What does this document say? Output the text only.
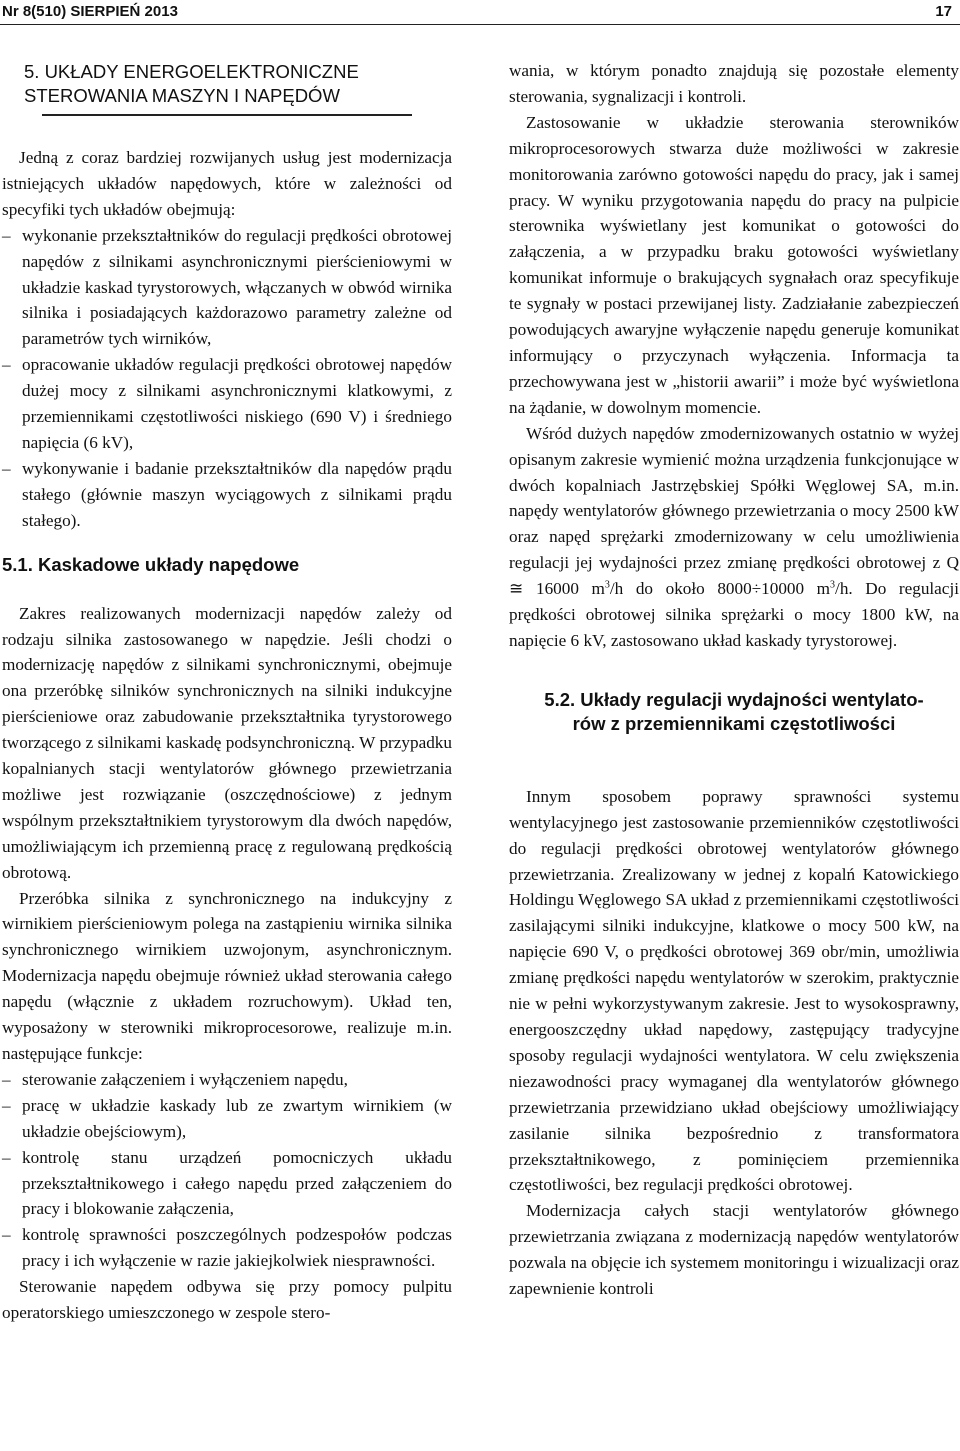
Nr 8(510) SIERPIEŃ 2013	17
5. UKŁADY ENERGOELEKTRONICZNE
STEROWANIA MASZYN I NAPĘDÓW

Jedną z coraz bardziej rozwijanych usług jest modernizacja istniejących układów napędowych, które w zależności od specyfiki tych układów obejmują:

– wykonanie przekształtników do regulacji prędkości obrotowej napędów z silnikami asynchronicznymi pierścieniowymi w układzie kaskad tyrystorowych, włączanych w obwód wirnika silnika i posiadających każdorazowo parametry zależne od parametrów tych wirników,
– opracowanie układów regulacji prędkości obrotowej napędów dużej mocy z silnikami asynchronicznymi klatkowymi, z przemiennikami częstotliwości niskiego (690 V) i średniego napięcia (6 kV),
– wykonywanie i badanie przekształtników dla napędów prądu stałego (głównie maszyn wyciągowych z silnikami prądu stałego).
5.1. Kaskadowe układy napędowe

Zakres realizowanych modernizacji napędów zależy od rodzaju silnika zastosowanego w napędzie. Jeśli chodzi o modernizację napędów z silnikami synchronicznymi, obejmuje ona przeróbkę silników synchronicznych na silniki indukcyjne pierścieniowe oraz zabudowanie przekształtnika tyrystorowego tworzącego z silnikami kaskadę podsynchroniczną. W przypadku kopalnianych stacji wentylatorów głównego przewietrzania możliwe jest rozwiązanie (oszczędnościowe) z jednym wspólnym przekształtnikiem tyrystorowym dla dwóch napędów, umożliwiającym ich przemienną pracę z regulowaną prędkością obrotową.

Przeróbka silnika z synchronicznego na indukcyjny z wirnikiem pierścieniowym polega na zastąpieniu wirnika silnika synchronicznego wirnikiem uzwojonym, asynchronicznym. Modernizacja napędu obejmuje również układ sterowania całego napędu (włącznie z układem rozruchowym). Układ ten, wyposażony w sterowniki mikroprocesorowe, realizuje m.in. następujące funkcje:

– sterowanie załączeniem i wyłączeniem napędu,
– pracę w układzie kaskady lub ze zwartym wirnikiem (w układzie obejściowym),
– kontrolę stanu urządzeń pomocniczych układu przekształtnikowego i całego napędu przed załączeniem do pracy i blokowanie załączenia,
– kontrolę sprawności poszczególnych podzespołów podczas pracy i ich wyłączenie w razie jakiejkolwiek niesprawności.

Sterowanie napędem odbywa się przy pomocy pulpitu operatorskiego umieszczonego w zespole stero-

wania, w którym ponadto znajdują się pozostałe elementy sterowania, sygnalizacji i kontroli.

Zastosowanie w układzie sterowania sterowników mikroprocesorowych stwarza duże możliwości w zakresie monitorowania zarówno gotowości napędu do pracy, jak i samej pracy. W wyniku przygotowania napędu do pracy na pulpicie sterownika wyświetlany jest komunikat o gotowości do załączenia, a w przypadku braku gotowości wyświetlany komunikat informuje o brakujących sygnałach oraz specyfikuje te sygnały w postaci przewijanej listy. Zadziałanie zabezpieczeń powodujących awaryjne wyłączenie napędu generuje komunikat informujący o przyczynach wyłączenia. Informacja ta przechowywana jest w „historii awarii” i może być wyświetlona na żądanie, w dowolnym momencie.

Wśród dużych napędów zmodernizowanych ostatnio w wyżej opisanym zakresie wymienić można urządzenia funkcjonujące w dwóch kopalniach Jastrzębskiej Spółki Węglowej SA, m.in. napędy wentylatorów głównego przewietrzania o mocy 2500 kW oraz napęd sprężarki zmodernizowany w celu umożliwienia regulacji jej wydajności przez zmianę prędkości obrotowej z Q ≅ 16000 $m^3/h$ do około 8000÷10000 $m^3/h$. Do regulacji prędkości obrotowej silnika sprężarki o mocy 1800 kW, na napięcie 6 kV, zastosowano układ kaskady tyrystorowej.

5.2. Układy regulacji wydajności wentylato-
rów z przemiennikami częstotliwości

Innym sposobem poprawy sprawności systemu wentylacyjnego jest zastosowanie przemienników częstotliwości do regulacji prędkości obrotowej wentylatorów głównego przewietrzania. Zrealizowany w jednej z kopalń Katowickiego Holdingu Węglowego SA układ z przemiennikami częstotliwości zasilającymi silniki indukcyjne, klatkowe o mocy 500 kW, na napięcie 690 V, o prędkości obrotowej 369 obr/min, umożliwia zmianę prędkości napędu wentylatorów w szerokim, praktycznie nie w pełni wykorzystywanym zakresie. Jest to wysokosprawny, energooszczędny układ napędowy, zastępujący tradycyjne sposoby regulacji wydajności wentylatora. W celu zwiększenia niezawodności pracy wymaganej dla wentylatorów głównego przewietrzania przewidziano układ obejściowy umożliwiający zasilanie silnika bezpośrednio z transformatora przekształtnikowego, z pominięciem przemiennika częstotliwości, bez regulacji prędkości obrotowej.

Modernizacja całych stacji wentylatorów głównego przewietrzania związana z modernizacją napędów wentylatorów pozwala na objęcie ich systemem monitoringu i wizualizacji oraz zapewnienie kontroli
